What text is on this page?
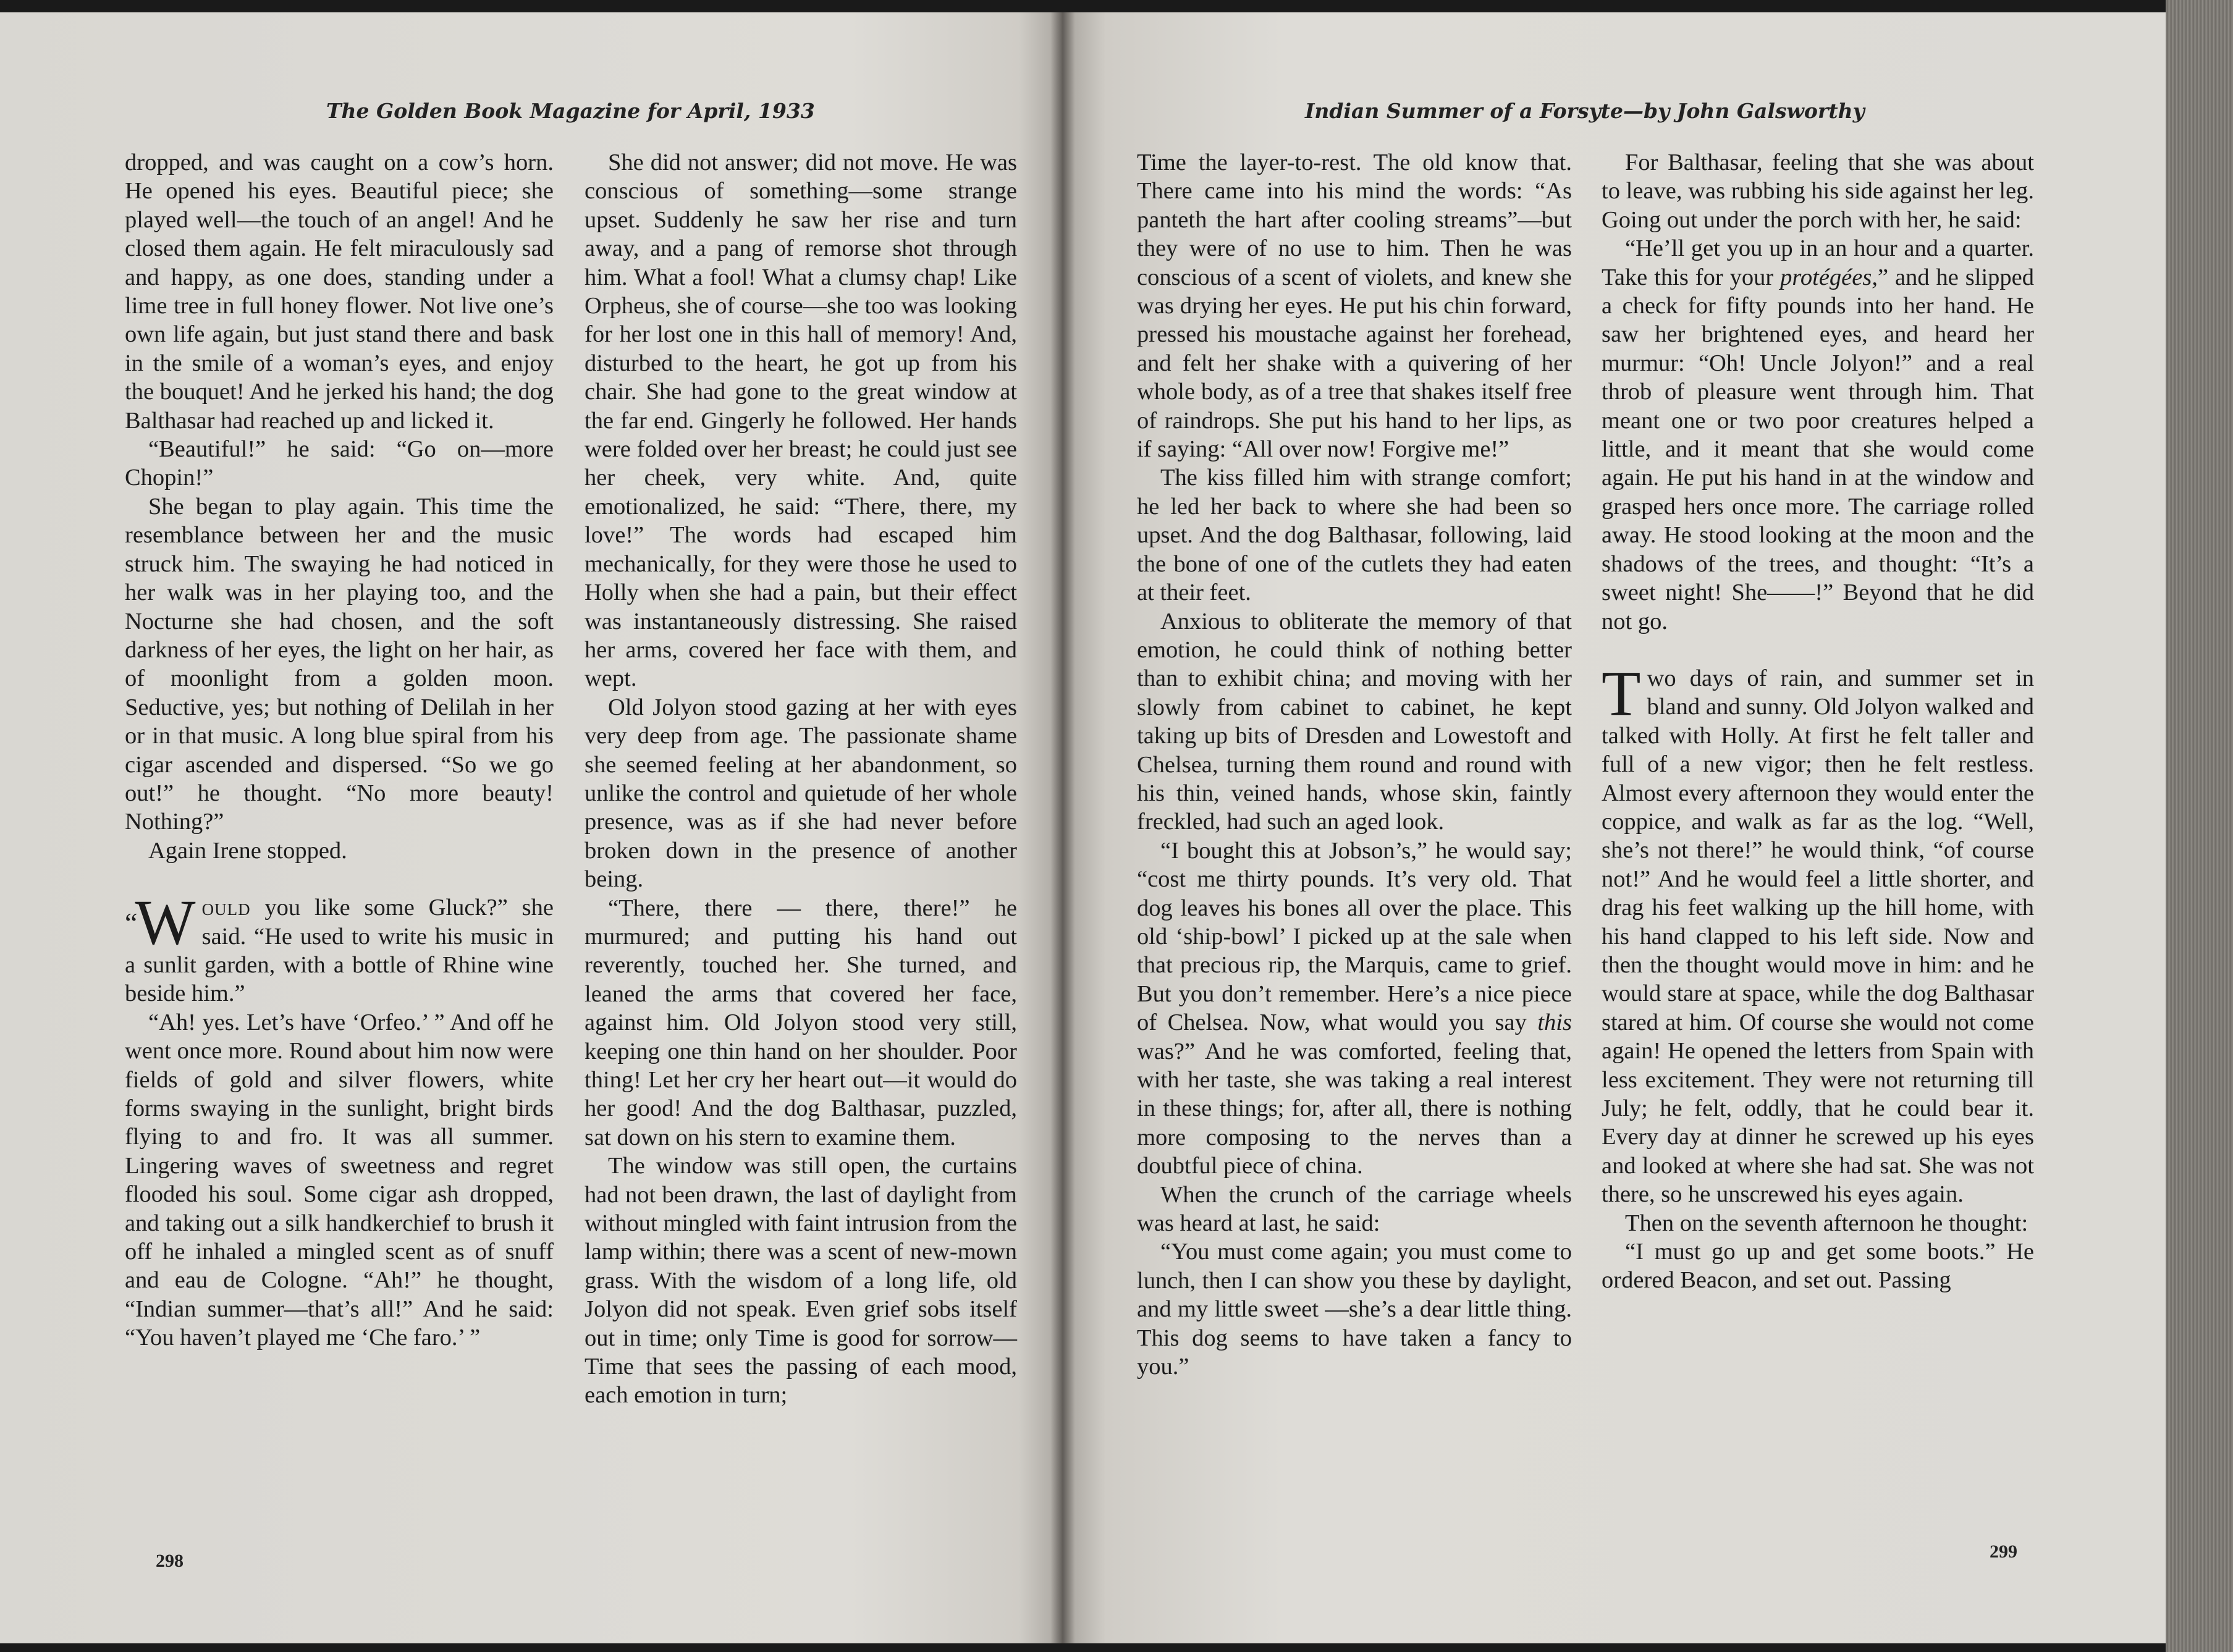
The Golden Book Magazine for April, 1933	Indian Summer of a Forsyte—by John Galsworthy

dropped, and was caught on a cow’s horn. He opened his eyes. Beautiful piece; she played well—the touch of an angel! And he closed them again. He felt miraculously sad and happy, as one does, standing under a lime tree in full honey flower. Not live one’s own life again, but just stand there and bask in the smile of a woman’s eyes, and enjoy the bouquet! And he jerked his hand; the dog Balthasar had reached up and licked it.

“Beautiful!” he said: “Go on—more Chopin!”

She began to play again. This time the resemblance between her and the music struck him. The swaying he had noticed in her walk was in her playing too, and the Nocturne she had chosen, and the soft darkness of her eyes, the light on her hair, as of moonlight from a golden moon. Seductive, yes; but nothing of Delilah in her or in that music. A long blue spiral from his cigar ascended and dispersed. “So we go out!” he thought. “No more beauty! Nothing?”

Again Irene stopped.

“W ould you like some Gluck?” she said. “He used to write his music in a sunlit garden, with a bottle of Rhine wine beside him.”

“Ah! yes. Let’s have ‘Orfeo.’ ” And off he went once more. Round about him now were fields of gold and silver flowers, white forms swaying in the sunlight, bright birds flying to and fro. It was all summer. Lingering waves of sweetness and regret flooded his soul. Some cigar ash dropped, and taking out a silk handkerchief to brush it off he inhaled a mingled scent as of snuff and eau de Cologne. “Ah!” he thought, “Indian summer—that’s all!” And he said: “You haven’t played me ‘Che faro.’ ”

She did not answer; did not move. He was conscious of something—some strange upset. Suddenly he saw her rise and turn away, and a pang of remorse shot through him. What a fool! What a clumsy chap! Like Orpheus, she of course—she too was looking for her lost one in this hall of memory! And, disturbed to the heart, he got up from his chair. She had gone to the great window at the far end. Gingerly he followed. Her hands were folded over her breast; he could just see her cheek, very white. And, quite emotionalized, he said: “There, there, my love!” The words had escaped him mechanically, for they were those he used to Holly when she had a pain, but their effect was instantaneously distressing. She raised her arms, covered her face with them, and wept.

Old Jolyon stood gazing at her with eyes very deep from age. The passionate shame she seemed feeling at her abandonment, so unlike the control and quietude of her whole presence, was as if she had never before broken down in the presence of another being.

“There, there — there, there!” he murmured; and putting his hand out reverently, touched her. She turned, and leaned the arms that covered her face, against him. Old Jolyon stood very still, keeping one thin hand on her shoulder. Poor thing! Let her cry her heart out—it would do her good! And the dog Balthasar, puzzled, sat down on his stern to examine them.

The window was still open, the curtains had not been drawn, the last of daylight from without mingled with faint intrusion from the lamp within; there was a scent of new-mown grass. With the wisdom of a long life, old Jolyon did not speak. Even grief sobs itself out in time; only Time is good for sorrow—Time that sees the passing of each mood, each emotion in turn;

298

Time the layer-to-rest. The old know that. There came into his mind the words: “As panteth the hart after cooling streams”—but they were of no use to him. Then he was conscious of a scent of violets, and knew she was drying her eyes. He put his chin forward, pressed his moustache against her forehead, and felt her shake with a quivering of her whole body, as of a tree that shakes itself free of raindrops. She put his hand to her lips, as if saying: “All over now! Forgive me!”

The kiss filled him with strange comfort; he led her back to where she had been so upset. And the dog Balthasar, following, laid the bone of one of the cutlets they had eaten at their feet.

Anxious to obliterate the memory of that emotion, he could think of nothing better than to exhibit china; and moving with her slowly from cabinet to cabinet, he kept taking up bits of Dresden and Lowestoft and Chelsea, turning them round and round with his thin, veined hands, whose skin, faintly freckled, had such an aged look.

“I bought this at Jobson’s,” he would say; “cost me thirty pounds. It’s very old. That dog leaves his bones all over the place. This old ‘ship-bowl’ I picked up at the sale when that precious rip, the Marquis, came to grief. But you don’t remember. Here’s a nice piece of Chelsea. Now, what would you say this was?” And he was comforted, feeling that, with her taste, she was taking a real interest in these things; for, after all, there is nothing more composing to the nerves than a doubtful piece of china.

When the crunch of the carriage wheels was heard at last, he said:

“You must come again; you must come to lunch, then I can show you these by daylight, and my little sweet —she’s a dear little thing. This dog seems to have taken a fancy to you.”

For Balthasar, feeling that she was about to leave, was rubbing his side against her leg. Going out under the porch with her, he said:

“He’ll get you up in an hour and a quarter. Take this for your protégées,” and he slipped a check for fifty pounds into her hand. He saw her brightened eyes, and heard her murmur: “Oh! Uncle Jolyon!” and a real throb of pleasure went through him. That meant one or two poor creatures helped a little, and it meant that she would come again. He put his hand in at the window and grasped hers once more. The carriage rolled away. He stood looking at the moon and the shadows of the trees, and thought: “It’s a sweet night! She——!” Beyond that he did not go.

Two days of rain, and summer set in bland and sunny. Old Jolyon walked and talked with Holly. At first he felt taller and full of a new vigor; then he felt restless. Almost every afternoon they would enter the coppice, and walk as far as the log. “Well, she’s not there!” he would think, “of course not!” And he would feel a little shorter, and drag his feet walking up the hill home, with his hand clapped to his left side. Now and then the thought would move in him: and he would stare at space, while the dog Balthasar stared at him. Of course she would not come again! He opened the letters from Spain with less excitement. They were not returning till July; he felt, oddly, that he could bear it. Every day at dinner he screwed up his eyes and looked at where she had sat. She was not there, so he unscrewed his eyes again.

Then on the seventh afternoon he thought:

“I must go up and get some boots.” He ordered Beacon, and set out. Passing

299
